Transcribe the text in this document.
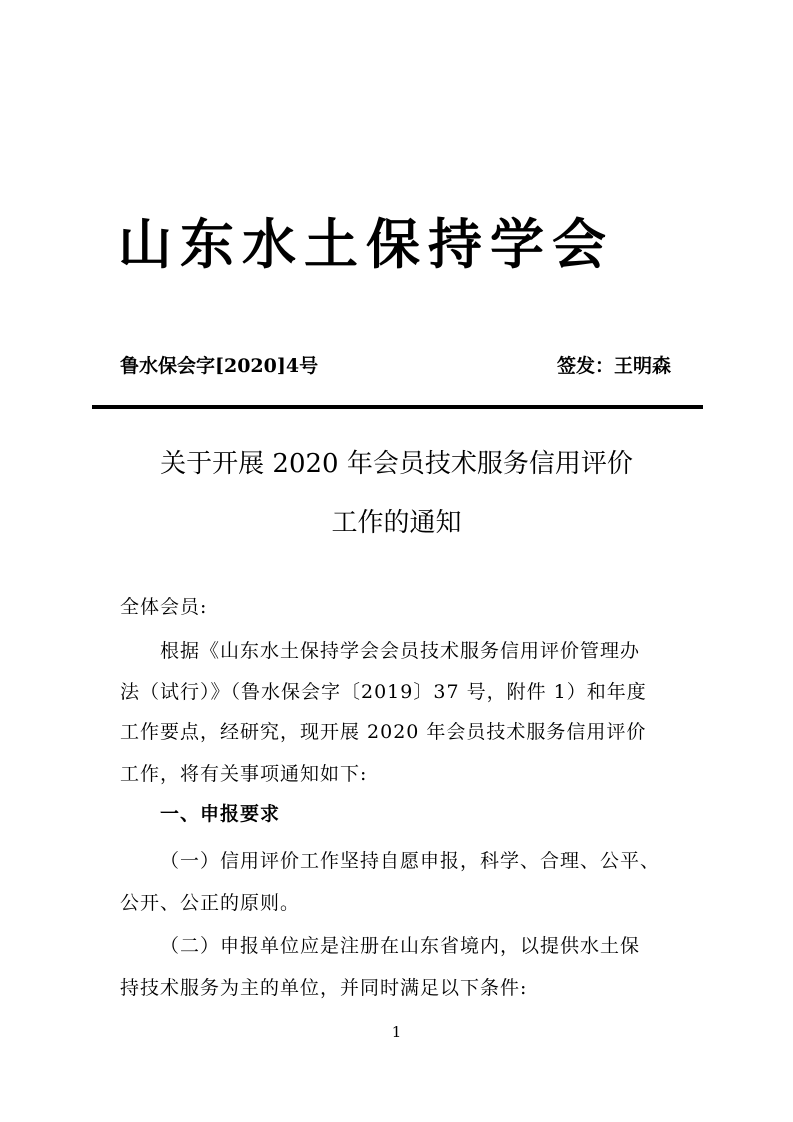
山东水土保持学会
鲁水保会字[2020]4号	签发：王明森
关于开展 2020 年会员技术服务信用评价
工作的通知
全体会员:
根据《山东水土保持学会会员技术服务信用评价管理办
法（试行）》（鲁水保会字〔2019〕37 号，附件 1）和年度
工作要点，经研究，现开展 2020 年会员技术服务信用评价
工作，将有关事项通知如下:
一、申报要求
（一）信用评价工作坚持自愿申报，科学、合理、公平、
公开、公正的原则。
（二）申报单位应是注册在山东省境内，以提供水土保
持技术服务为主的单位，并同时满足以下条件:
1
